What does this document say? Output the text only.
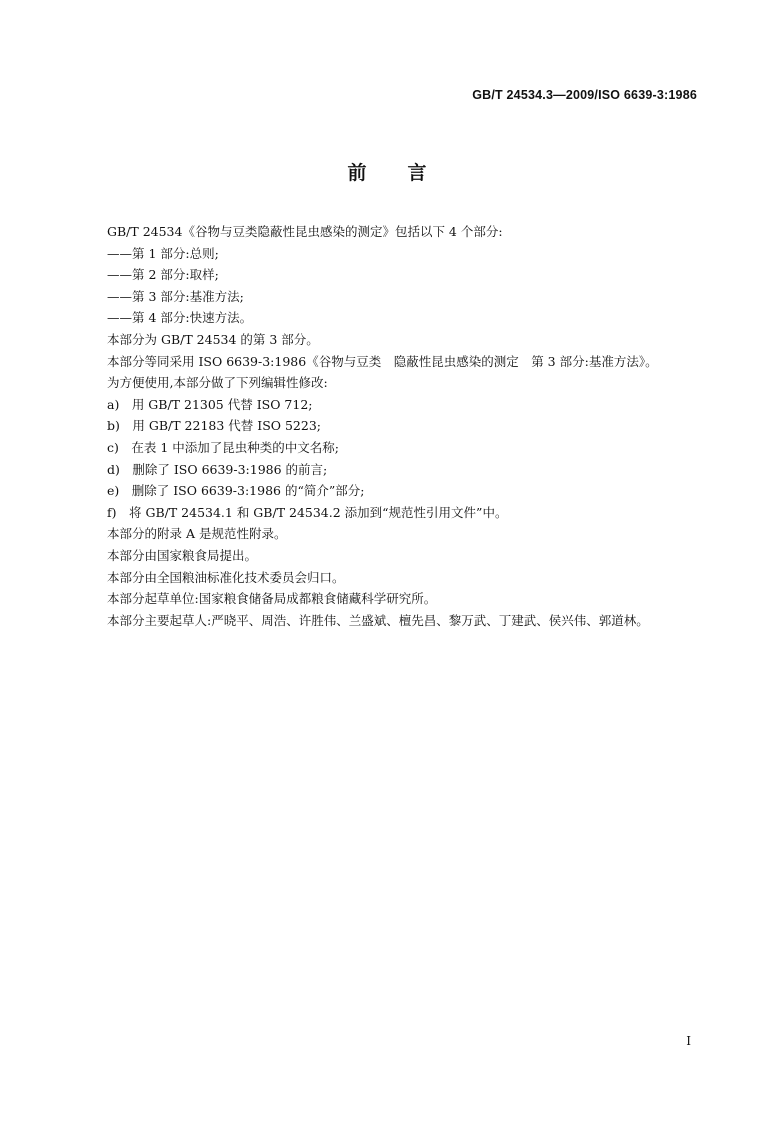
GB/T 24534.3—2009/ISO 6639-3:1986
前 言
GB/T 24534《谷物与豆类隐蔽性昆虫感染的测定》包括以下 4 个部分:
——第 1 部分:总则;
——第 2 部分:取样;
——第 3 部分:基准方法;
——第 4 部分:快速方法。
本部分为 GB/T 24534 的第 3 部分。
本部分等同采用 ISO 6639-3:1986《谷物与豆类　隐蔽性昆虫感染的测定　第 3 部分:基准方法》。
为方便使用,本部分做了下列编辑性修改:
a)　用 GB/T 21305 代替 ISO 712;
b)　用 GB/T 22183 代替 ISO 5223;
c)　在表 1 中添加了昆虫种类的中文名称;
d)　删除了 ISO 6639-3:1986 的前言;
e)　删除了 ISO 6639-3:1986 的“简介”部分;
f)　将 GB/T 24534.1 和 GB/T 24534.2 添加到“规范性引用文件”中。
本部分的附录 A 是规范性附录。
本部分由国家粮食局提出。
本部分由全国粮油标准化技术委员会归口。
本部分起草单位:国家粮食储备局成都粮食储藏科学研究所。
本部分主要起草人:严晓平、周浩、许胜伟、兰盛斌、檀先昌、黎万武、丁建武、侯兴伟、郭道林。
I
